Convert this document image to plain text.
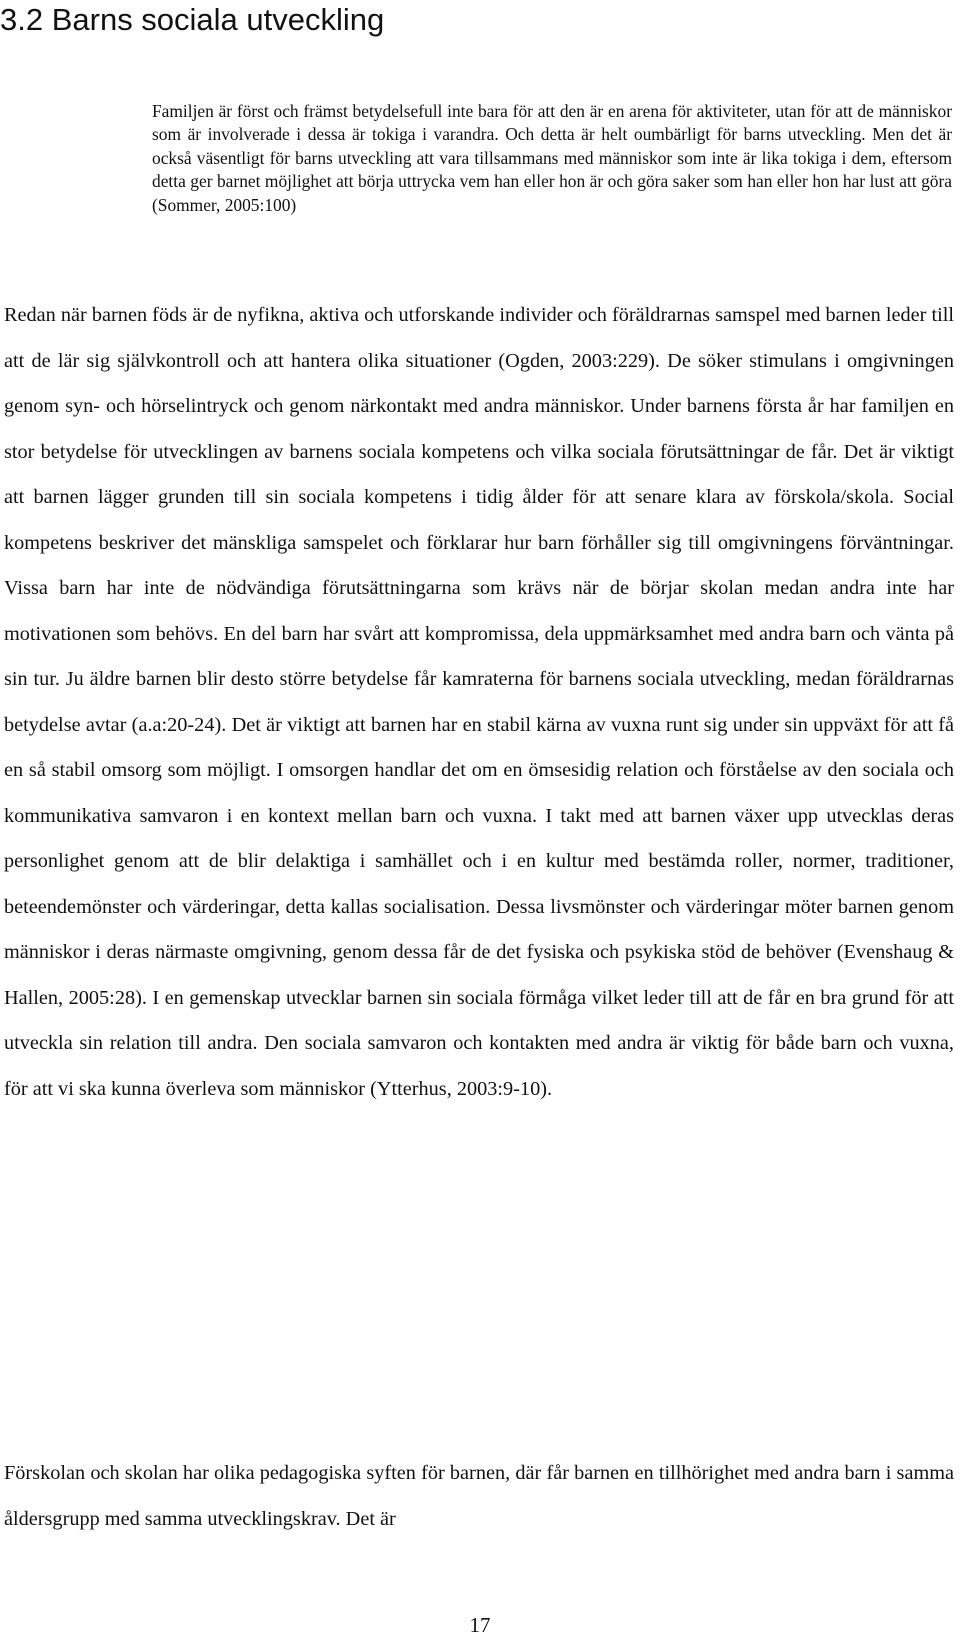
3.2 Barns sociala utveckling

Familjen är först och främst betydelsefull inte bara för att den är en arena för aktiviteter, utan för att de människor som är involverade i dessa är tokiga i varandra. Och detta är helt oumbärligt för barns utveckling. Men det är också väsentligt för barns utveckling att vara tillsammans med människor som inte är lika tokiga i dem, eftersom detta ger barnet möjlighet att börja uttrycka vem han eller hon är och göra saker som han eller hon har lust att göra (Sommer, 2005:100)

Redan när barnen föds är de nyfikna, aktiva och utforskande individer och föräldrarnas samspel med barnen leder till att de lär sig självkontroll och att hantera olika situationer (Ogden, 2003:229). De söker stimulans i omgivningen genom syn- och hörselintryck och genom närkontakt med andra människor. Under barnens första år har familjen en stor betydelse för utvecklingen av barnens sociala kompetens och vilka sociala förutsättningar de får. Det är viktigt att barnen lägger grunden till sin sociala kompetens i tidig ålder för att senare klara av förskola/skola. Social kompetens beskriver det mänskliga samspelet och förklarar hur barn förhåller sig till omgivningens förväntningar. Vissa barn har inte de nödvändiga förutsättningarna som krävs när de börjar skolan medan andra inte har motivationen som behövs. En del barn har svårt att kompromissa, dela uppmärksamhet med andra barn och vänta på sin tur. Ju äldre barnen blir desto större betydelse får kamraterna för barnens sociala utveckling, medan föräldrarnas betydelse avtar (a.a:20-24). Det är viktigt att barnen har en stabil kärna av vuxna runt sig under sin uppväxt för att få en så stabil omsorg som möjligt. I omsorgen handlar det om en ömsesidig relation och förståelse av den sociala och kommunikativa samvaron i en kontext mellan barn och vuxna. I takt med att barnen växer upp utvecklas deras personlighet genom att de blir delaktiga i samhället och i en kultur med bestämda roller, normer, traditioner, beteendemönster och värderingar, detta kallas socialisation. Dessa livsmönster och värderingar möter barnen genom människor i deras närmaste omgivning, genom dessa får de det fysiska och psykiska stöd de behöver (Evenshaug & Hallen, 2005:28). I en gemenskap utvecklar barnen sin sociala förmåga vilket leder till att de får en bra grund för att utveckla sin relation till andra. Den sociala samvaron och kontakten med andra är viktig för både barn och vuxna, för att vi ska kunna överleva som människor (Ytterhus, 2003:9-10).

Förskolan och skolan har olika pedagogiska syften för barnen, där får barnen en tillhörighet med andra barn i samma åldersgrupp med samma utvecklingskrav. Det är

17
